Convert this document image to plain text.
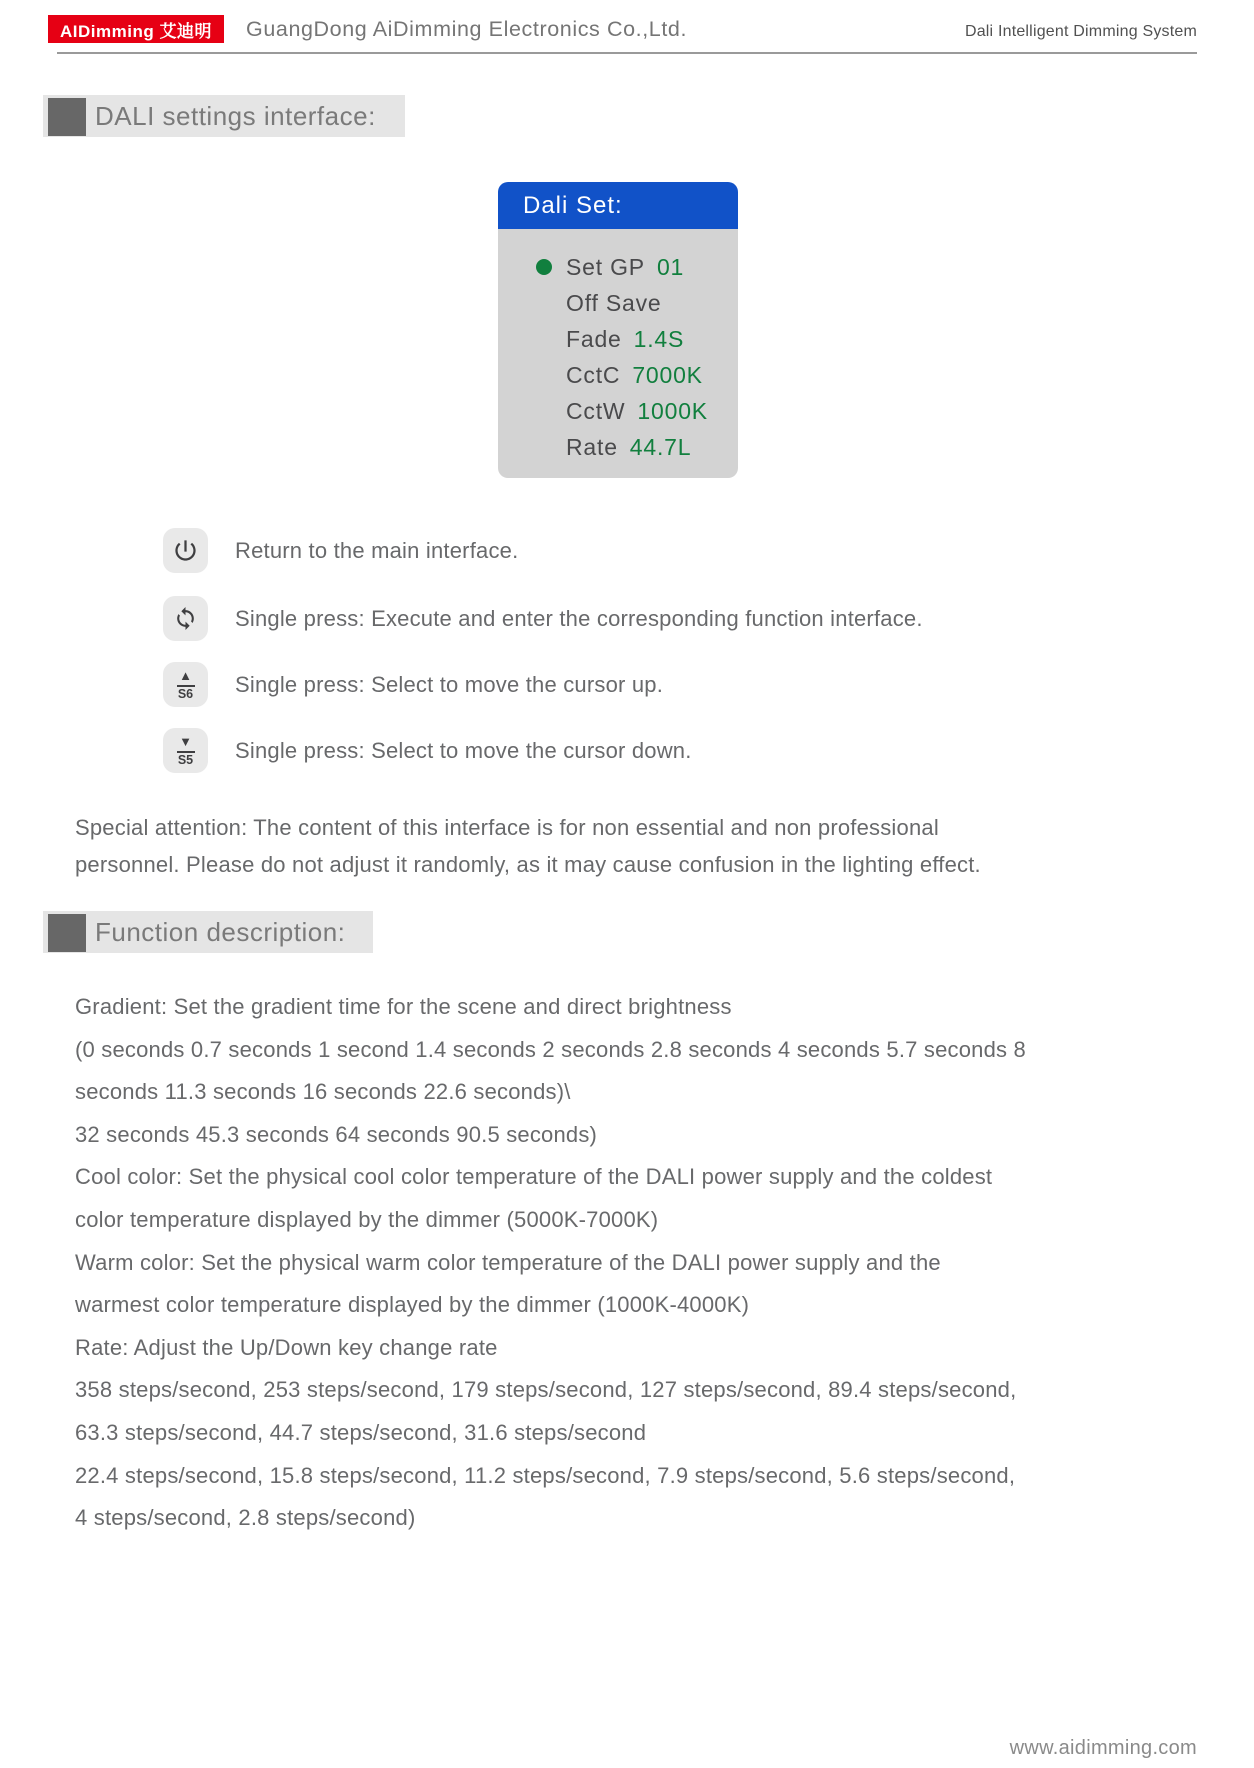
AIDimming 艾迪明 GuangDong AiDimming Electronics Co.,Ltd.	Dali Intelligent Dimming System
DALI settings interface:
Dali Set:
Set GP 01
Off Save
Fade 1.4S
CctC 7000K
CctW 1000K
Rate 44.7L
Return to the main interface.
Single press: Execute and enter the corresponding function interface.
▲
S6 Single press: Select to move the cursor up.
▼
S5 Single press: Select to move the cursor down.
Special attention: The content of this interface is for non essential and non professional
personnel. Please do not adjust it randomly, as it may cause confusion in the lighting effect.
Function description:
Gradient: Set the gradient time for the scene and direct brightness
(0 seconds 0.7 seconds 1 second 1.4 seconds 2 seconds 2.8 seconds 4 seconds 5.7 seconds 8
seconds 11.3 seconds 16 seconds 22.6 seconds)\
32 seconds 45.3 seconds 64 seconds 90.5 seconds)
Cool color: Set the physical cool color temperature of the DALI power supply and the coldest
color temperature displayed by the dimmer (5000K-7000K)
Warm color: Set the physical warm color temperature of the DALI power supply and the
warmest color temperature displayed by the dimmer (1000K-4000K)
Rate: Adjust the Up/Down key change rate
358 steps/second, 253 steps/second, 179 steps/second, 127 steps/second, 89.4 steps/second,
63.3 steps/second, 44.7 steps/second, 31.6 steps/second
22.4 steps/second, 15.8 steps/second, 11.2 steps/second, 7.9 steps/second, 5.6 steps/second,
4 steps/second, 2.8 steps/second)
www.aidimming.com
